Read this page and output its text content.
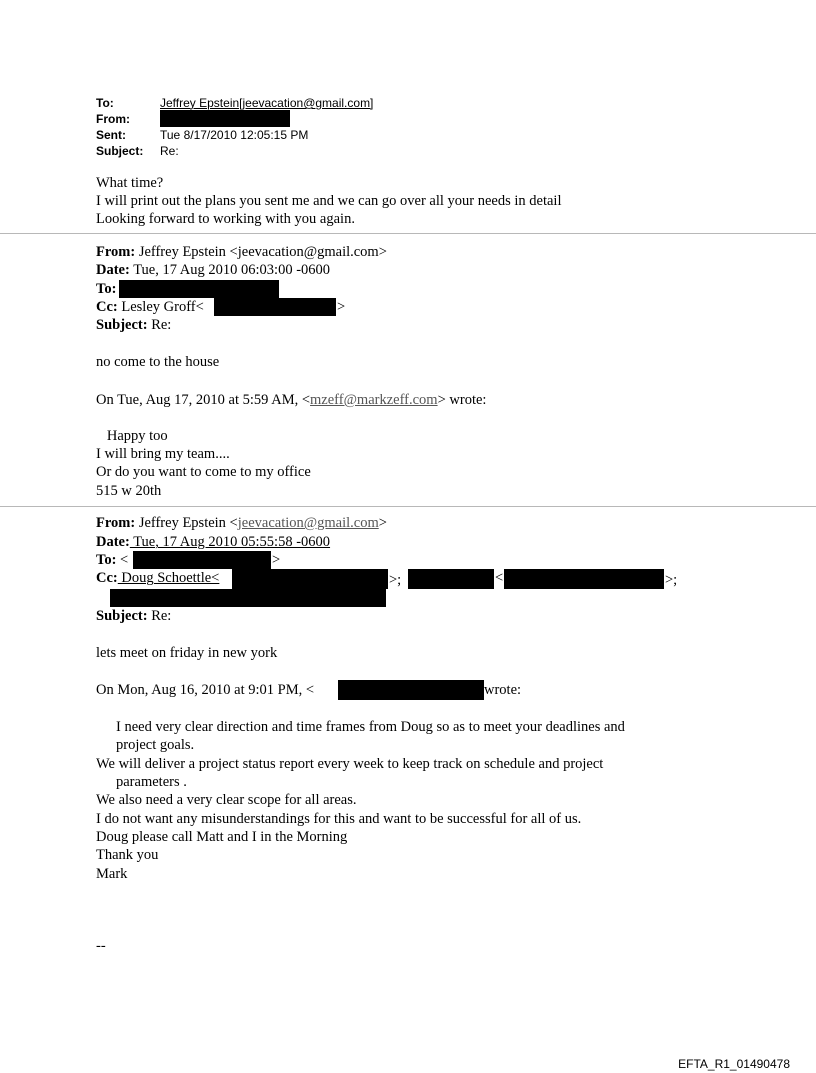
To:	Jeffrey Epstein[jeevacation@gmail.com]
From:
Sent:	Tue 8/17/2010 12:05:15 PM
Subject: Re:
What time?
I will print out the plans you sent me and we can go over all your needs in detail
Looking forward to working with you again.
From: Jeffrey Epstein <jeevacation@gmail.com>
Date: Tue, 17 Aug 2010 06:03:00 -0600
To:
Cc: Lesley Groff<	>
Subject: Re:
no come to the house
On Tue, Aug 17, 2010 at 5:59 AM, <mzeff@markzeff.com> wrote:
Happy too
I will bring my team....
Or do you want to come to my office
515 w 20th
From: Jeffrey Epstein <jeevacation@gmail.com>
Date: Tue, 17 Aug 2010 05:55:58 -0600
To: <	>
Cc: Doug Schoettle<	>;	<	>;
Subject: Re:
lets meet on friday in new york
On Mon, Aug 16, 2010 at 9:01 PM, <	wrote:
I need very clear direction and time frames from Doug so as to meet your deadlines and
project goals.
We will deliver a project status report every week to keep track on schedule and project
parameters .
We also need a very clear scope for all areas.
I do not want any misunderstandings for this and want to be successful for all of us.
Doug please call Matt and I in the Morning
Thank you
Mark
--
EFTA_R1_01490478
